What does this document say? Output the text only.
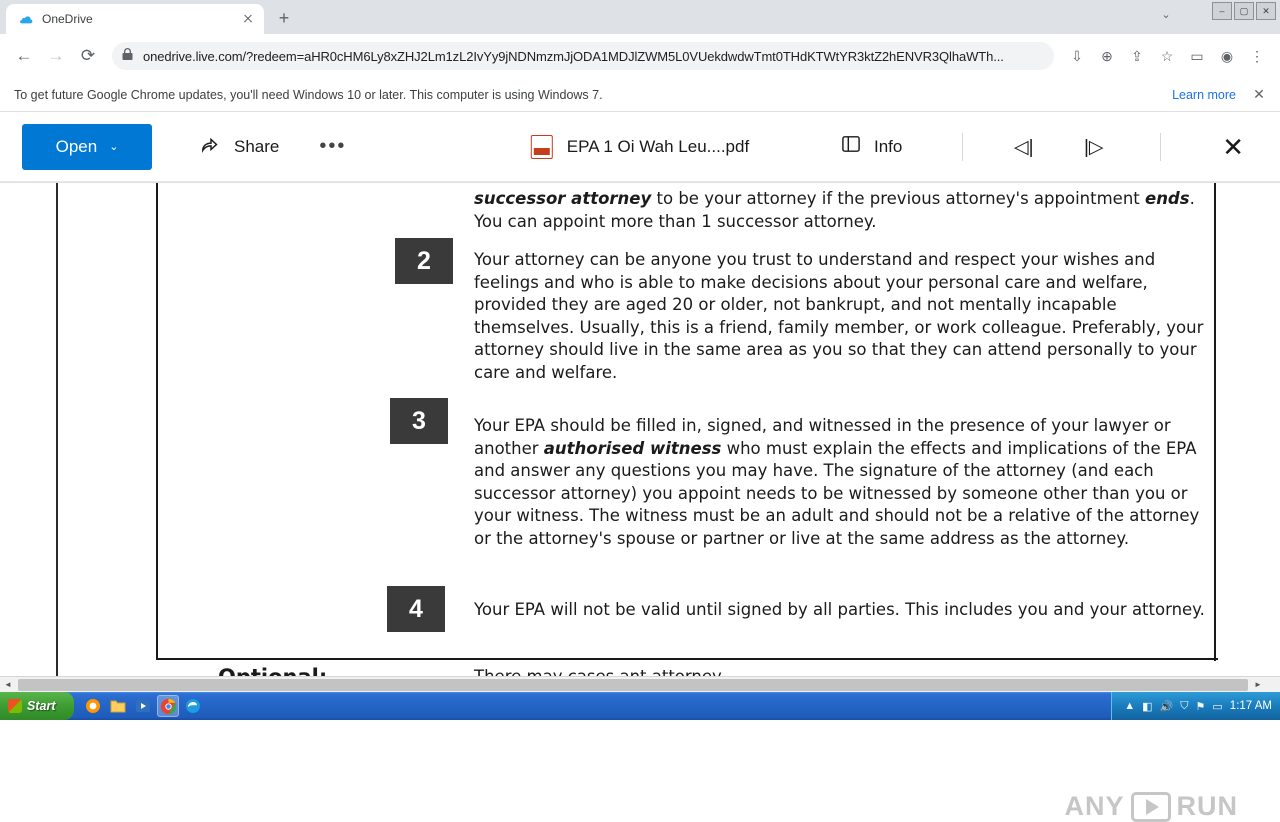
OneDrive	+	⌄	–	▢	✕
← → ⟳	onedrive.live.com/?redeem=aHR0cHM6Ly8xZHJ2Lm1zL2IvYy9jNDNmzmJjODA1MDJlZWM5L0VUekdwdwTmt0THdKTWtYR3ktZ2hENVR3QlhaWTh...	⇩	⊕	⇪	☆	▭	◉	⋮
To get future Google Chrome updates, you'll need Windows 10 or later. This computer is using Windows 7.	Learn more ✕
Open ⌄	Share •••	EPA 1 Oi Wah Leu....pdf	Info	◁|	|▷	✕
2
3
4
successor attorney to be your attorney if the previous attorney's appointment ends. You can appoint more than 1 successor attorney.
Your attorney can be anyone you trust to understand and respect your wishes and feelings and who is able to make decisions about your personal care and welfare, provided they are aged 20 or older, not bankrupt, and not mentally incapable themselves. Usually, this is a friend, family member, or work colleague. Preferably, your attorney should live in the same area as you so that they can attend personally to your care and welfare.
Your EPA should be filled in, signed, and witnessed in the presence of your lawyer or another authorised witness who must explain the effects and implications of the EPA and answer any questions you may have. The signature of the attorney (and each successor attorney) you appoint needs to be witnessed by someone other than you or your witness. The witness must be an adult and should not be a relative of the attorney or the attorney's spouse or partner or live at the same address as the attorney.
Your EPA will not be valid until signed by all parties. This includes you and your attorney.
ANY RUN
◄	►
Start	▲ ◧ 🔊 ⛉ ⚑ ▭ 1:17 AM
